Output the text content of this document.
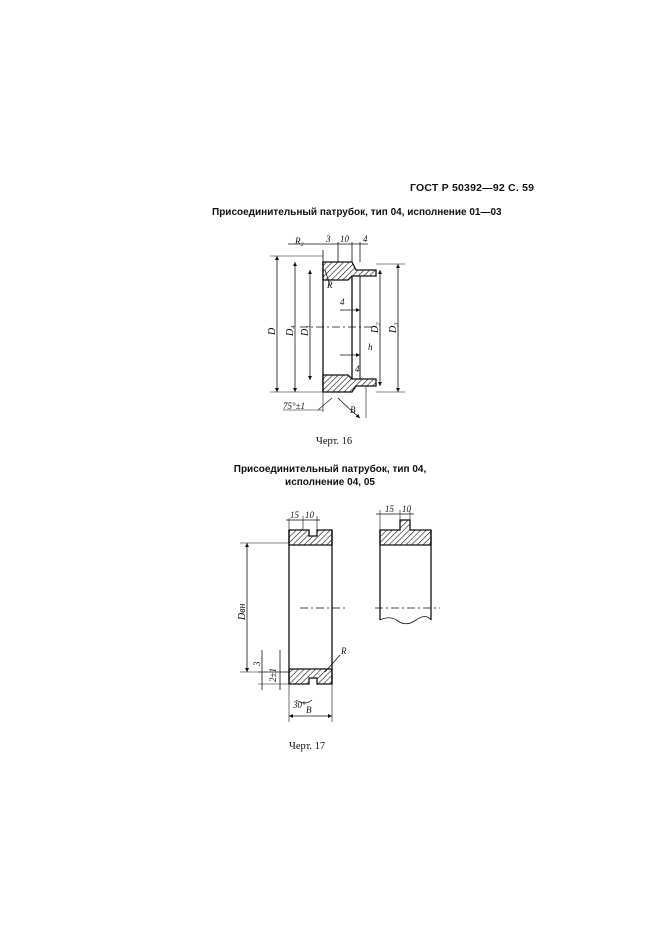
ГОСТ Р 50392—92 С. 59
Присоединительный патрубок, тип 04, исполнение 01—03
Присоединительный патрубок, тип 04,
исполнение 04, 05
Черт. 16
Черт. 17
R₂ 3 10 4
R
4
h
4
75°±1	B
D D₄ D₁	D₂ D₃
15 10
Dвн
R
3
2±1
30° B
15 10
